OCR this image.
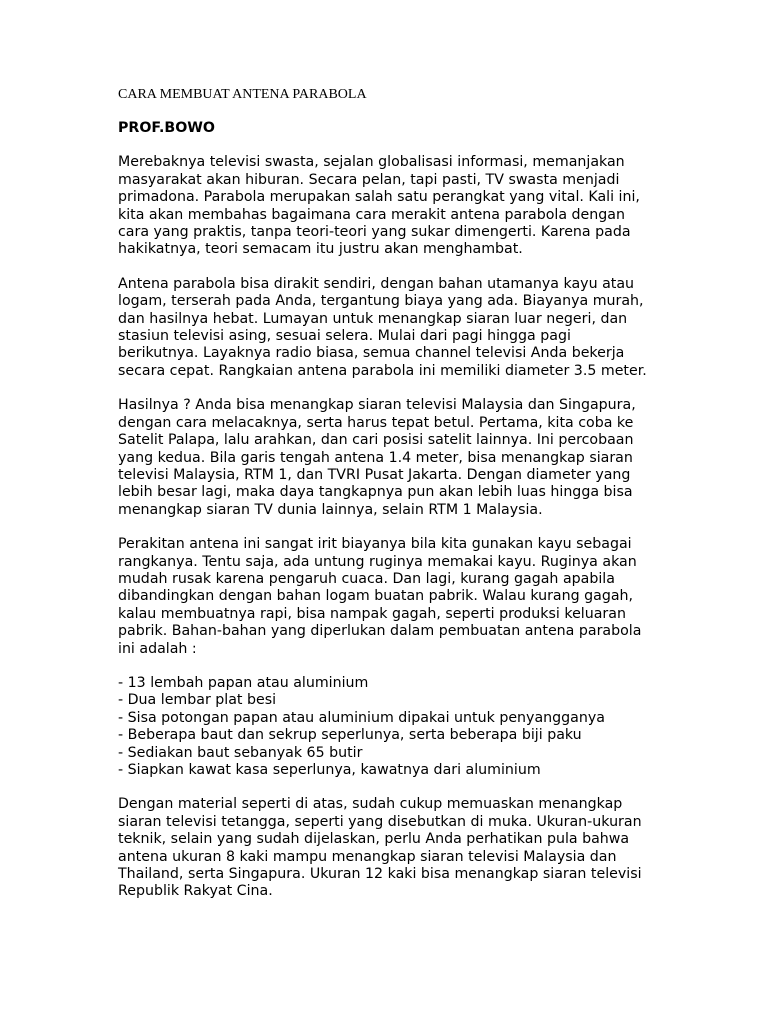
CARA MEMBUAT ANTENA PARABOLA

PROF.BOWO

Merebaknya televisi swasta, sejalan globalisasi informasi, memanjakan
masyarakat akan hiburan. Secara pelan, tapi pasti, TV swasta menjadi
primadona. Parabola merupakan salah satu perangkat yang vital. Kali ini,
kita akan membahas bagaimana cara merakit antena parabola dengan
cara yang praktis, tanpa teori-teori yang sukar dimengerti. Karena pada
hakikatnya, teori semacam itu justru akan menghambat.

Antena parabola bisa dirakit sendiri, dengan bahan utamanya kayu atau
logam, terserah pada Anda, tergantung biaya yang ada. Biayanya murah,
dan hasilnya hebat. Lumayan untuk menangkap siaran luar negeri, dan
stasiun televisi asing, sesuai selera. Mulai dari pagi hingga pagi
berikutnya. Layaknya radio biasa, semua channel televisi Anda bekerja
secara cepat. Rangkaian antena parabola ini memiliki diameter 3.5 meter.

Hasilnya ? Anda bisa menangkap siaran televisi Malaysia dan Singapura,
dengan cara melacaknya, serta harus tepat betul. Pertama, kita coba ke
Satelit Palapa, lalu arahkan, dan cari posisi satelit lainnya. Ini percobaan
yang kedua. Bila garis tengah antena 1.4 meter, bisa menangkap siaran
televisi Malaysia, RTM 1, dan TVRI Pusat Jakarta. Dengan diameter yang
lebih besar lagi, maka daya tangkapnya pun akan lebih luas hingga bisa
menangkap siaran TV dunia lainnya, selain RTM 1 Malaysia.

Perakitan antena ini sangat irit biayanya bila kita gunakan kayu sebagai
rangkanya. Tentu saja, ada untung ruginya memakai kayu. Ruginya akan
mudah rusak karena pengaruh cuaca. Dan lagi, kurang gagah apabila
dibandingkan dengan bahan logam buatan pabrik. Walau kurang gagah,
kalau membuatnya rapi, bisa nampak gagah, seperti produksi keluaran
pabrik. Bahan-bahan yang diperlukan dalam pembuatan antena parabola
ini adalah :

- 13 lembah papan atau aluminium
- Dua lembar plat besi
- Sisa potongan papan atau aluminium dipakai untuk penyangganya
- Beberapa baut dan sekrup seperlunya, serta beberapa biji paku
- Sediakan baut sebanyak 65 butir
- Siapkan kawat kasa seperlunya, kawatnya dari aluminium

Dengan material seperti di atas, sudah cukup memuaskan menangkap
siaran televisi tetangga, seperti yang disebutkan di muka. Ukuran-ukuran
teknik, selain yang sudah dijelaskan, perlu Anda perhatikan pula bahwa
antena ukuran 8 kaki mampu menangkap siaran televisi Malaysia dan
Thailand, serta Singapura. Ukuran 12 kaki bisa menangkap siaran televisi
Republik Rakyat Cina.
